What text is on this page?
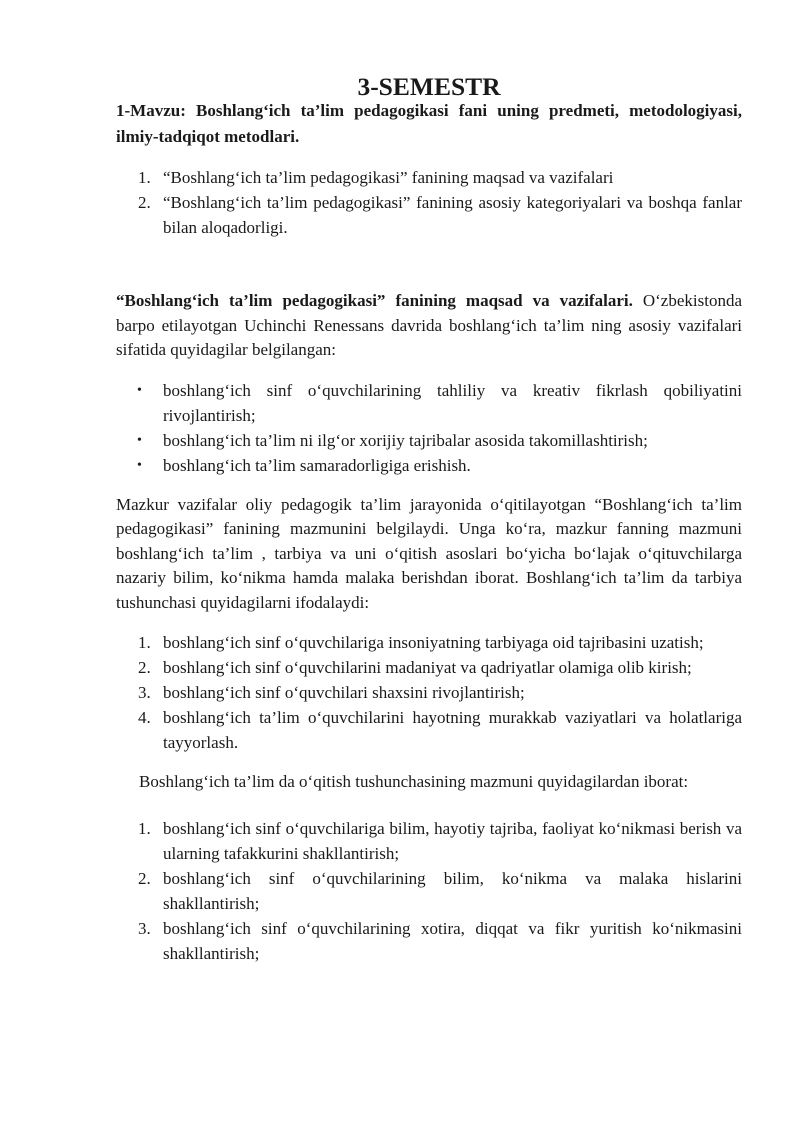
3-SEMESTR

1-Mavzu: Boshlang‘ich ta’lim pedagogikasi fani uning predmeti, metodologiyasi, ilmiy-tadqiqot metodlari.

1. “Boshlang‘ich ta’lim pedagogikasi” fanining maqsad va vazifalari
2. “Boshlang‘ich ta’lim pedagogikasi” fanining asosiy kategoriyalari va boshqa fanlar bilan aloqadorligi.

“Boshlang‘ich ta’lim pedagogikasi” fanining maqsad va vazifalari. O‘zbekistonda barpo etilayotgan Uchinchi Renessans davrida boshlang‘ich ta’lim ning asosiy vazifalari sifatida quyidagilar belgilangan:

• boshlang‘ich sinf o‘quvchilarining tahliliy va kreativ fikrlash qobiliyatini rivojlantirish;
• boshlang‘ich ta’lim ni ilg‘or xorijiy tajribalar asosida takomillashtirish;
• boshlang‘ich ta’lim samaradorligiga erishish.

Mazkur vazifalar oliy pedagogik ta’lim jarayonida o‘qitilayotgan “Boshlang‘ich ta’lim pedagogikasi” fanining mazmunini belgilaydi. Unga ko‘ra, mazkur fanning mazmuni boshlang‘ich ta’lim , tarbiya va uni o‘qitish asoslari bo‘yicha bo‘lajak o‘qituvchilarga nazariy bilim, ko‘nikma hamda malaka berishdan iborat. Boshlang‘ich ta’lim da tarbiya tushunchasi quyidagilarni ifodalaydi:

1. boshlang‘ich sinf o‘quvchilariga insoniyatning tarbiyaga oid tajribasini uzatish;
2. boshlang‘ich sinf o‘quvchilarini madaniyat va qadriyatlar olamiga olib kirish;
3. boshlang‘ich sinf o‘quvchilari shaxsini rivojlantirish;
4. boshlang‘ich ta’lim o‘quvchilarini hayotning murakkab vaziyatlari va holatlariga tayyorlash.

Boshlang‘ich ta’lim da o‘qitish tushunchasining mazmuni quyidagilardan iborat:

1. boshlang‘ich sinf o‘quvchilariga bilim, hayotiy tajriba, faoliyat ko‘nikmasi berish va ularning tafakkurini shakllantirish;
2. boshlang‘ich sinf o‘quvchilarining bilim, ko‘nikma va malaka hislarini shakllantirish;
3. boshlang‘ich sinf o‘quvchilarining xotira, diqqat va fikr yuritish ko‘nikmasini shakllantirish;
